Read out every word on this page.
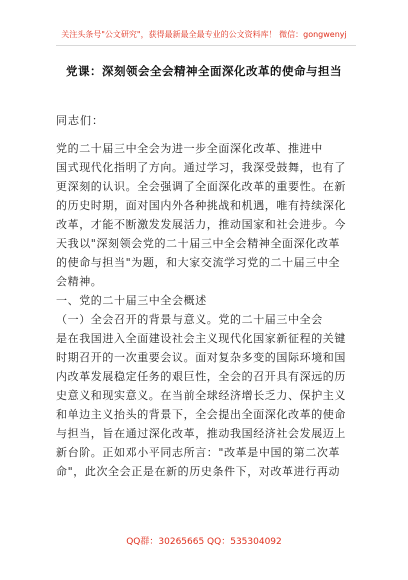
关注头条号"公文研究"，获得最新最全最专业的公文资料库！ 微信：gongwenyj
党课：深刻领会全会精神全面深化改革的使命与担当
同志们：
党的二十届三中全会为进一步全面深化改革、推进中
国式现代化指明了方向。通过学习，我深受鼓舞，也有了
更深刻的认识。全会强调了全面深化改革的重要性。在新
的历史时期，面对国内外各种挑战和机遇，唯有持续深化
改革，才能不断激发发展活力，推动国家和社会进步。今
天我以"深刻领会党的二十届三中全会精神全面深化改革
的使命与担当"为题，和大家交流学习党的二十届三中全
会精神。
一、党的二十届三中全会概述
（一）全会召开的背景与意义。党的二十届三中全会
是在我国进入全面建设社会主义现代化国家新征程的关键
时期召开的一次重要会议。面对复杂多变的国际环境和国
内改革发展稳定任务的艰巨性，全会的召开具有深远的历
史意义和现实意义。在当前全球经济增长乏力、保护主义
和单边主义抬头的背景下，全会提出全面深化改革的使命
与担当，旨在通过深化改革，推动我国经济社会发展迈上
新台阶。正如邓小平同志所言："改革是中国的第二次革
命"，此次全会正是在新的历史条件下，对改革进行再动
QQ群：30265665 QQ：535304092
